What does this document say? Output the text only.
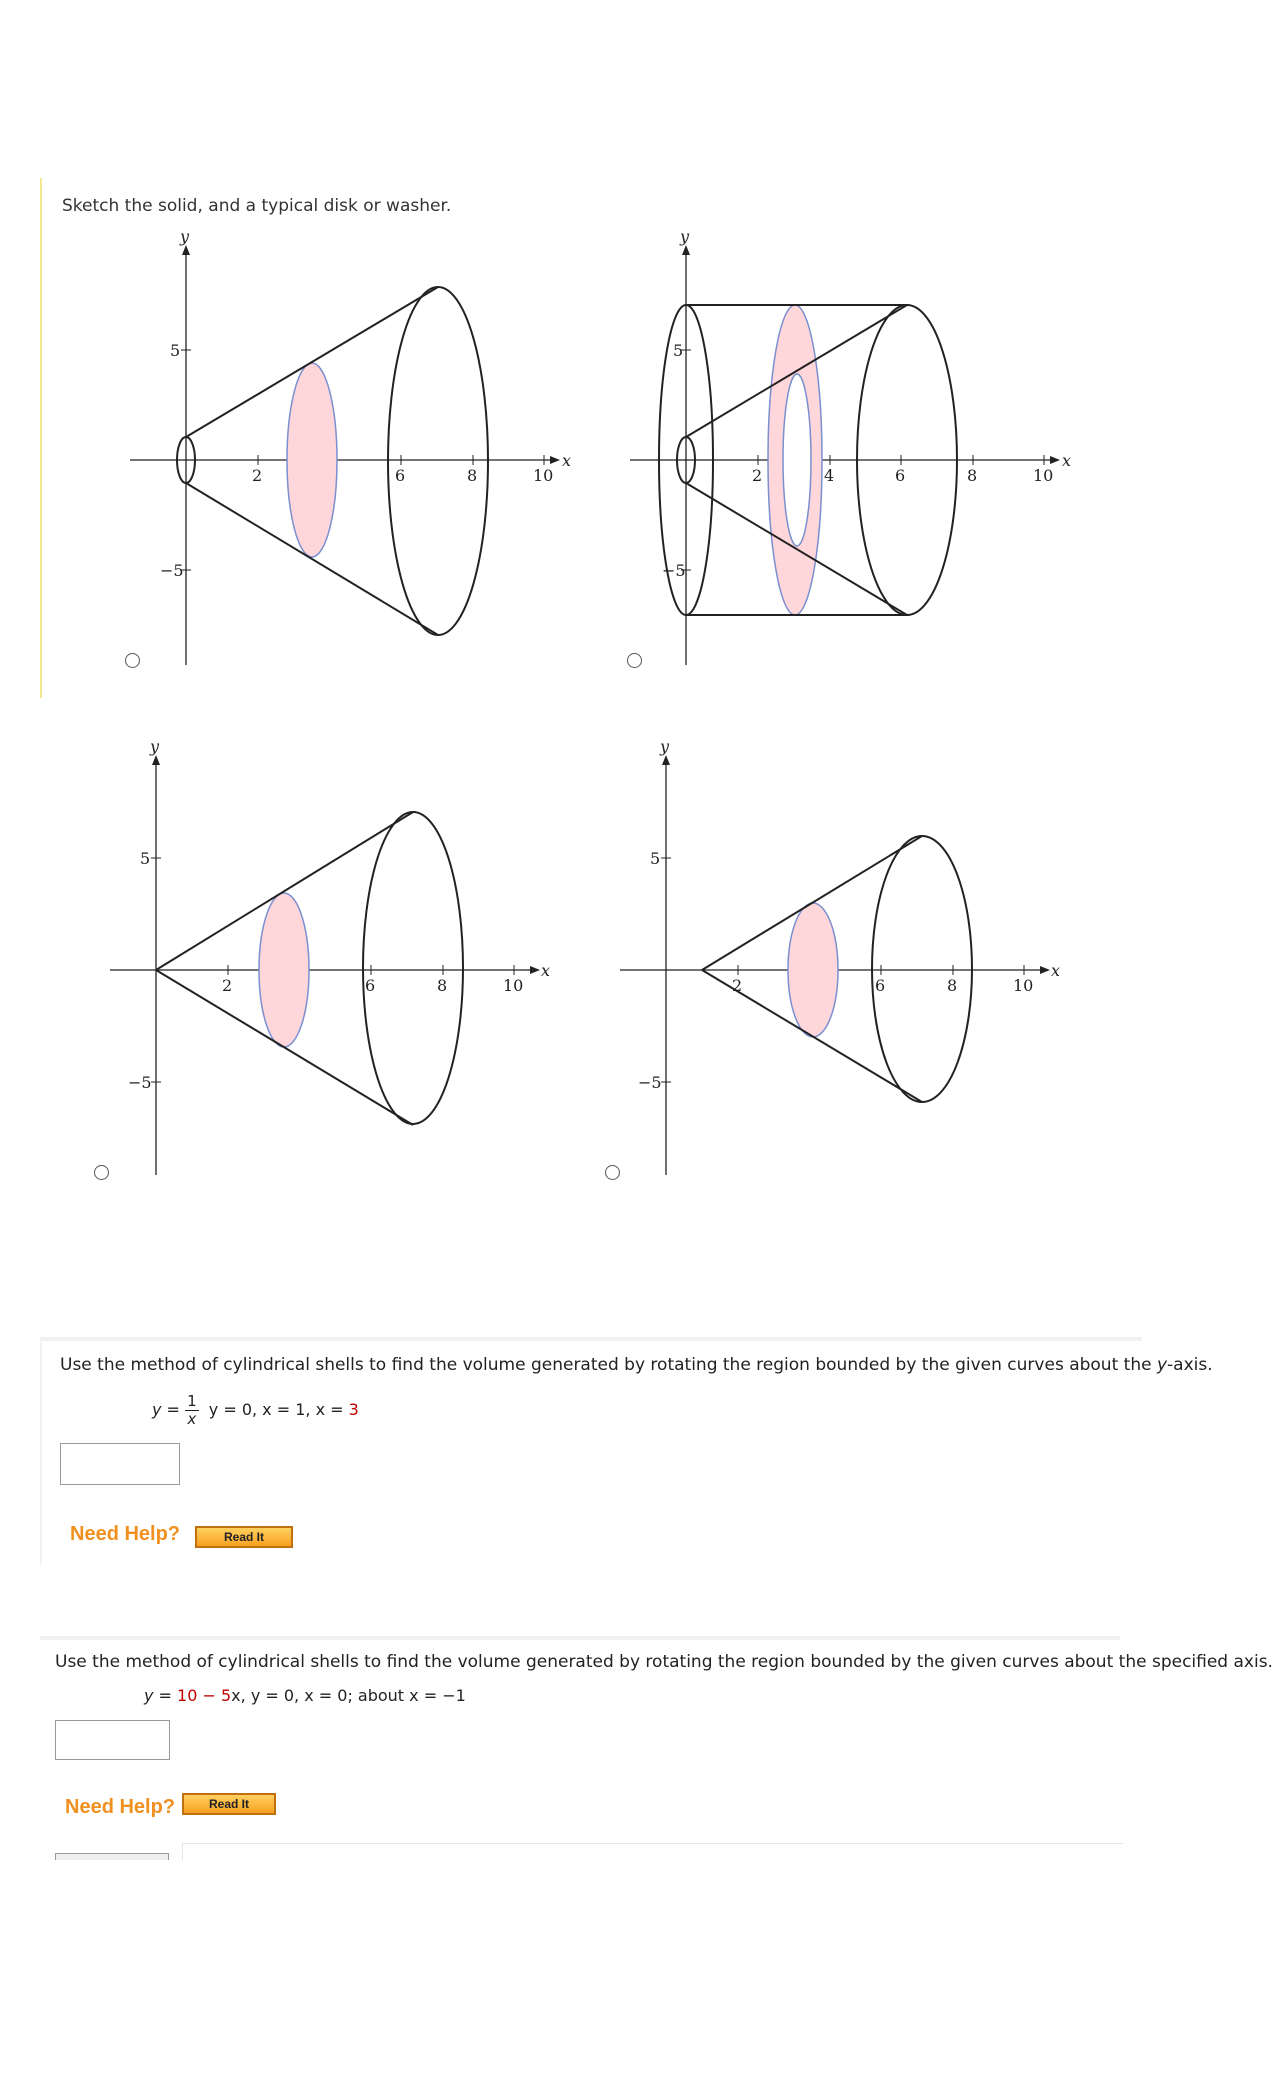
Sketch the solid, and a typical disk or washer.
2	6	8	10
5
−5
x
y
2	4	6	8	10
5
−5
x
y
2	6	8	10
5
−5
x
y
2	6	8	10
5
−5
x
y
Use the method of cylindrical shells to find the volume generated by rotating the region bounded by the given curves about the y-axis.
$y = \frac{1}{x}$ y = 0, x = 1, x = 3
Need Help?	Read It
Use the method of cylindrical shells to find the volume generated by rotating the region bounded by the given curves about the specified axis.
y = 10 − 5x, y = 0, x = 0; about x = −1
Need Help?	Read It
